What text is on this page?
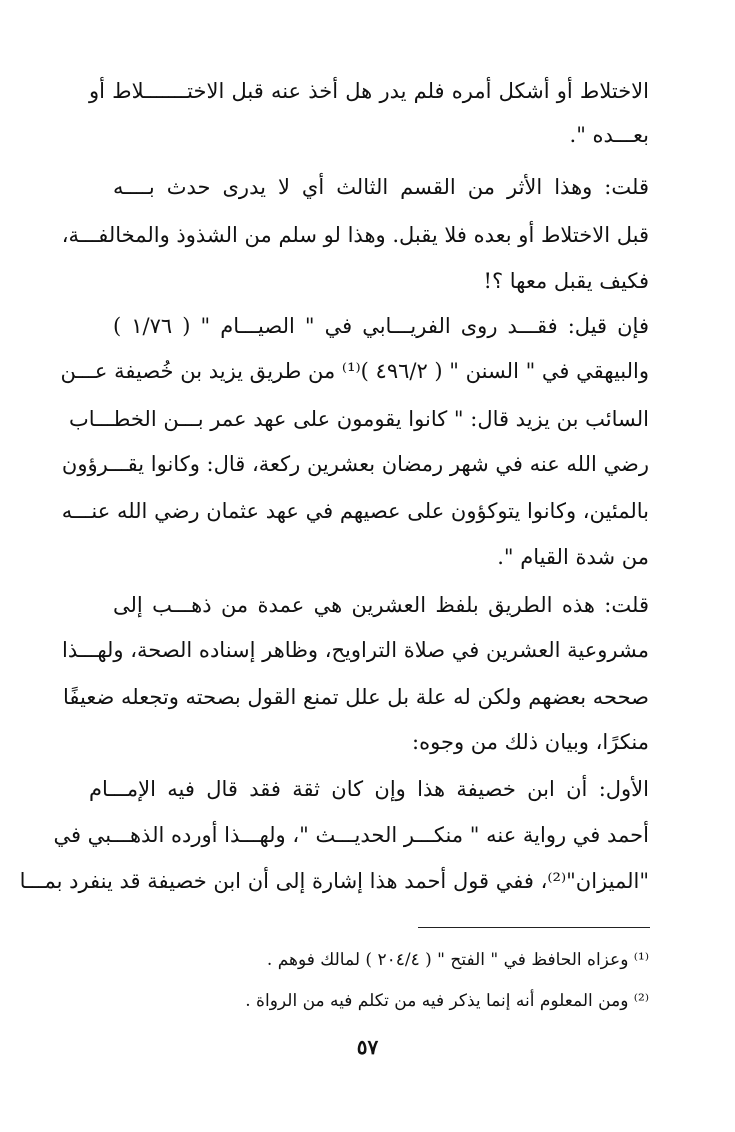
الاختلاط أو أشكل أمره فلم يدر هل أخذ عنه قبل الاختـــــــلاط أو
بعـــده ".
قلت: وهذا الأثر من القسم الثالث أي لا يدرى حدث بــــه
قبل الاختلاط أو بعده فلا يقبل. وهذا لو سلم من الشذوذ والمخالفـــة،
فكيف يقبل معها ؟!
فإن قيل: فقـــد روى الفريـــابي في " الصيـــام " ( ١/٧٦ )
والبيهقي في " السنن " ( ٤٩٦/٢ )⁽¹⁾ من طريق يزيد بن خُصيفة عـــن
السائب بن يزيد قال: " كانوا يقومون على عهد عمر بـــن الخطـــاب
رضي الله عنه في شهر رمضان بعشرين ركعة، قال: وكانوا يقـــرؤون
بالمئين، وكانوا يتوكؤون على عصيهم في عهد عثمان رضي الله عنـــه
من شدة القيام ".
قلت: هذه الطريق بلفظ العشرين هي عمدة من ذهـــب إلى
مشروعية العشرين في صلاة التراويح، وظاهر إسناده الصحة، ولهـــذا
صححه بعضهم ولكن له علة بل علل تمنع القول بصحته وتجعله ضعيفًا
منكرًا، وبيان ذلك من وجوه:
الأول: أن ابن خصيفة هذا وإن كان ثقة فقد قال فيه الإمـــام
أحمد في رواية عنه " منكـــر الحديـــث "، ولهـــذا أورده الذهـــبي في
"الميزان"⁽²⁾، ففي قول أحمد هذا إشارة إلى أن ابن خصيفة قد ينفرد بمـــا
⁽¹⁾ وعزاه الحافظ في " الفتح " ( ٢٠٤/٤ ) لمالك فوهم .
⁽²⁾ ومن المعلوم أنه إنما يذكر فيه من تكلم فيه من الرواة .
٥٧
